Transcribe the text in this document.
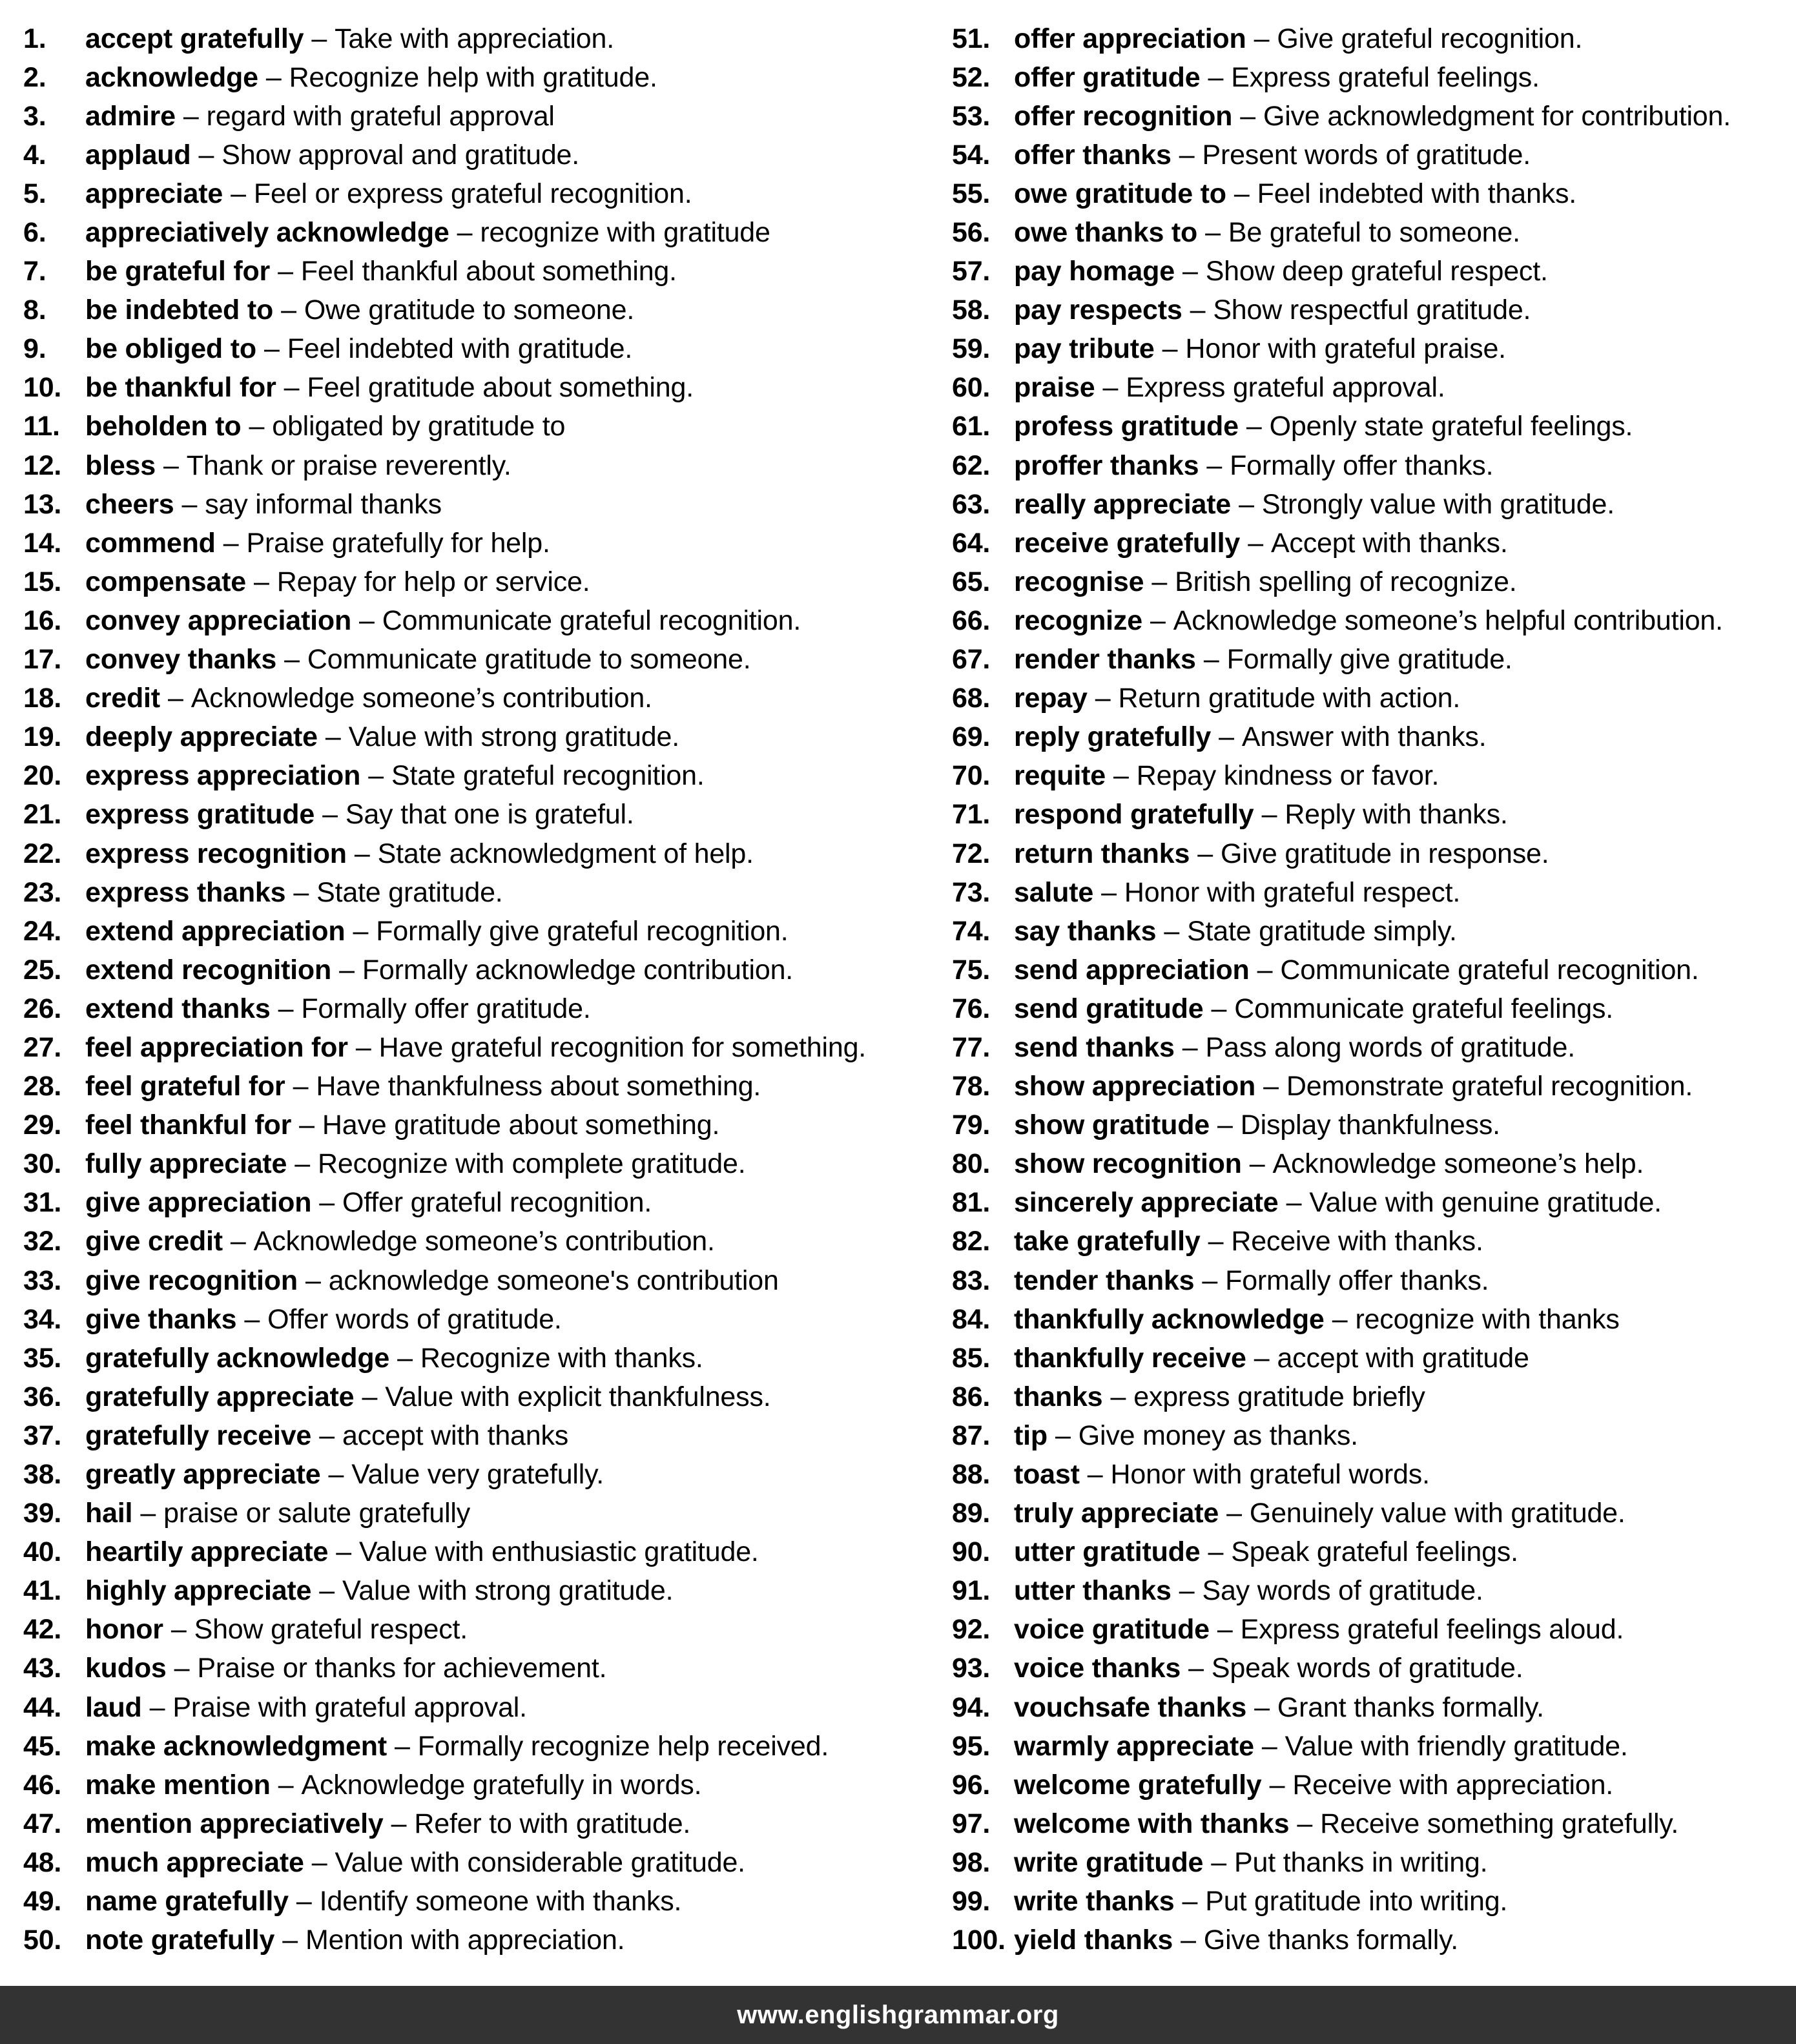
1.	accept gratefully – Take with appreciation.
2.	acknowledge – Recognize help with gratitude.
3.	admire – regard with grateful approval
4.	applaud – Show approval and gratitude.
5.	appreciate – Feel or express grateful recognition.
6.	appreciatively acknowledge – recognize with gratitude
7.	be grateful for – Feel thankful about something.
8.	be indebted to – Owe gratitude to someone.
9.	be obliged to – Feel indebted with gratitude.
10. be thankful for – Feel gratitude about something.
11. beholden to – obligated by gratitude to
12. bless – Thank or praise reverently.
13. cheers – say informal thanks
14. commend – Praise gratefully for help.
15. compensate – Repay for help or service.
16. convey appreciation – Communicate grateful recognition.
17. convey thanks – Communicate gratitude to someone.
18. credit – Acknowledge someone’s contribution.
19. deeply appreciate – Value with strong gratitude.
20. express appreciation – State grateful recognition.
21. express gratitude – Say that one is grateful.
22. express recognition – State acknowledgment of help.
23. express thanks – State gratitude.
24. extend appreciation – Formally give grateful recognition.
25. extend recognition – Formally acknowledge contribution.
26. extend thanks – Formally offer gratitude.
27. feel appreciation for – Have grateful recognition for something.
28. feel grateful for – Have thankfulness about something.
29. feel thankful for – Have gratitude about something.
30. fully appreciate – Recognize with complete gratitude.
31. give appreciation – Offer grateful recognition.
32. give credit – Acknowledge someone’s contribution.
33. give recognition – acknowledge someone's contribution
34. give thanks – Offer words of gratitude.
35. gratefully acknowledge – Recognize with thanks.
36. gratefully appreciate – Value with explicit thankfulness.
37. gratefully receive – accept with thanks
38. greatly appreciate – Value very gratefully.
39. hail – praise or salute gratefully
40. heartily appreciate – Value with enthusiastic gratitude.
41. highly appreciate – Value with strong gratitude.
42. honor – Show grateful respect.
43. kudos – Praise or thanks for achievement.
44. laud – Praise with grateful approval.
45. make acknowledgment – Formally recognize help received.
46. make mention – Acknowledge gratefully in words.
47. mention appreciatively – Refer to with gratitude.
48. much appreciate – Value with considerable gratitude.
49. name gratefully – Identify someone with thanks.
50. note gratefully – Mention with appreciation.
51. offer appreciation – Give grateful recognition.
52. offer gratitude – Express grateful feelings.
53. offer recognition – Give acknowledgment for contribution.
54. offer thanks – Present words of gratitude.
55. owe gratitude to – Feel indebted with thanks.
56. owe thanks to – Be grateful to someone.
57. pay homage – Show deep grateful respect.
58. pay respects – Show respectful gratitude.
59. pay tribute – Honor with grateful praise.
60. praise – Express grateful approval.
61. profess gratitude – Openly state grateful feelings.
62. proffer thanks – Formally offer thanks.
63. really appreciate – Strongly value with gratitude.
64. receive gratefully – Accept with thanks.
65. recognise – British spelling of recognize.
66. recognize – Acknowledge someone’s helpful contribution.
67. render thanks – Formally give gratitude.
68. repay – Return gratitude with action.
69. reply gratefully – Answer with thanks.
70. requite – Repay kindness or favor.
71. respond gratefully – Reply with thanks.
72. return thanks – Give gratitude in response.
73. salute – Honor with grateful respect.
74. say thanks – State gratitude simply.
75. send appreciation – Communicate grateful recognition.
76. send gratitude – Communicate grateful feelings.
77. send thanks – Pass along words of gratitude.
78. show appreciation – Demonstrate grateful recognition.
79. show gratitude – Display thankfulness.
80. show recognition – Acknowledge someone’s help.
81. sincerely appreciate – Value with genuine gratitude.
82. take gratefully – Receive with thanks.
83. tender thanks – Formally offer thanks.
84. thankfully acknowledge – recognize with thanks
85. thankfully receive – accept with gratitude
86. thanks – express gratitude briefly
87. tip – Give money as thanks.
88. toast – Honor with grateful words.
89. truly appreciate – Genuinely value with gratitude.
90. utter gratitude – Speak grateful feelings.
91. utter thanks – Say words of gratitude.
92. voice gratitude – Express grateful feelings aloud.
93. voice thanks – Speak words of gratitude.
94. vouchsafe thanks – Grant thanks formally.
95. warmly appreciate – Value with friendly gratitude.
96. welcome gratefully – Receive with appreciation.
97. welcome with thanks – Receive something gratefully.
98. write gratitude – Put thanks in writing.
99. write thanks – Put gratitude into writing.
100. yield thanks – Give thanks formally.
www.englishgrammar.org
